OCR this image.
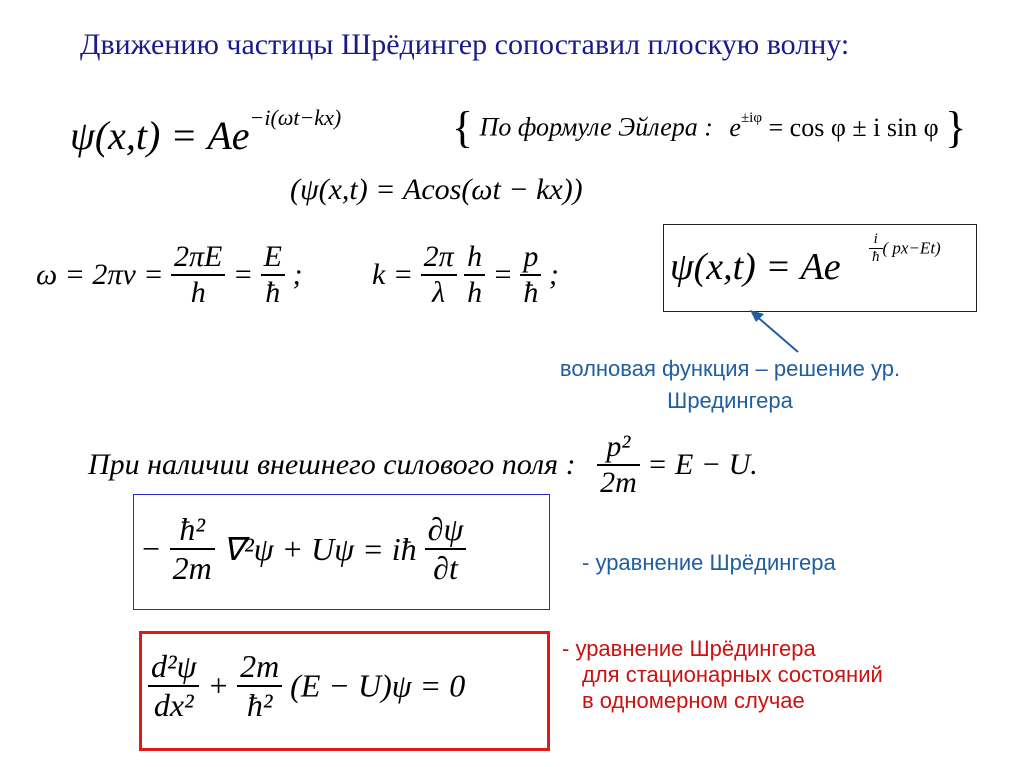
Движению частицы Шрёдингер сопоставил плоскую волну:
$\psi(x,t) = Ae^{-i(\omega t-kx)}$	{ По формуле Эйлера : $e^{\pm i\varphi} = \cos \varphi \pm i$ sin φ }
(ψ(x,t) = Acos(ωt − kx))
$\omega = 2\pi\nu = \frac{2\pi E}{h} = \frac{E}{ħ}$ ; $k = \frac{2\pi}{\lambda}$
$\frac{h}{h} = \frac{p}{ħ}$ ;	ψ(x,t) = Ae $\frac{i}{ħ}$ ( px−Et)
волновая функция – решение ур.
Шредингера
При наличии внешнего силового поля : $\frac{\text{p²}}{2m} = E - U$.
− $\frac{\text{ħ²}}{2m} \nabla^2\psi + U\psi$ = iħ $\frac{\partial\psi}{\partial t}$	- уравнение Шрёдингера
$\frac{\text{d²ψ}}{\text{dx²}} + \frac{2m}{\text{ħ²}} (E - U)\psi = 0$
- уравнение Шрёдингера
для стационарных состояний
в одномерном случае
